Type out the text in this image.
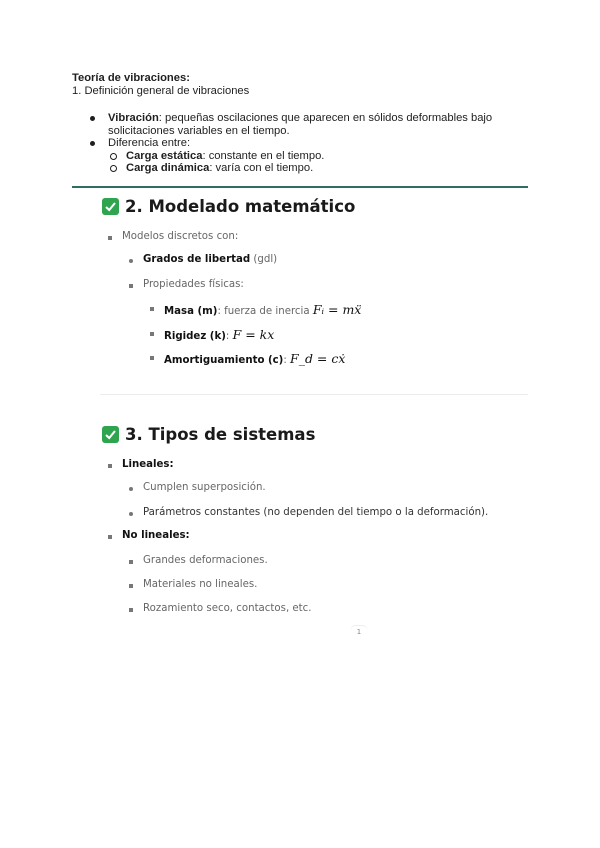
Teoría de vibraciones:
1. Definición general de vibraciones
Vibración: pequeñas oscilaciones que aparecen en sólidos deformables bajo
solicitaciones variables en el tiempo.
Diferencia entre:
Carga estática: constante en el tiempo.
Carga dinámica: varía con el tiempo.
2. Modelado matemático
Modelos discretos con:
Grados de libertad (gdl)
Propiedades físicas:
Masa (m): fuerza de inercia Fᵢ = mẍ
Rigidez (k): F = kx
Amortiguamiento (c): F_d = cẋ
3. Tipos de sistemas
Lineales:
Cumplen superposición.
Parámetros constantes (no dependen del tiempo o la deformación).
No lineales:
Grandes deformaciones.
Materiales no lineales.
Rozamiento seco, contactos, etc.
1
